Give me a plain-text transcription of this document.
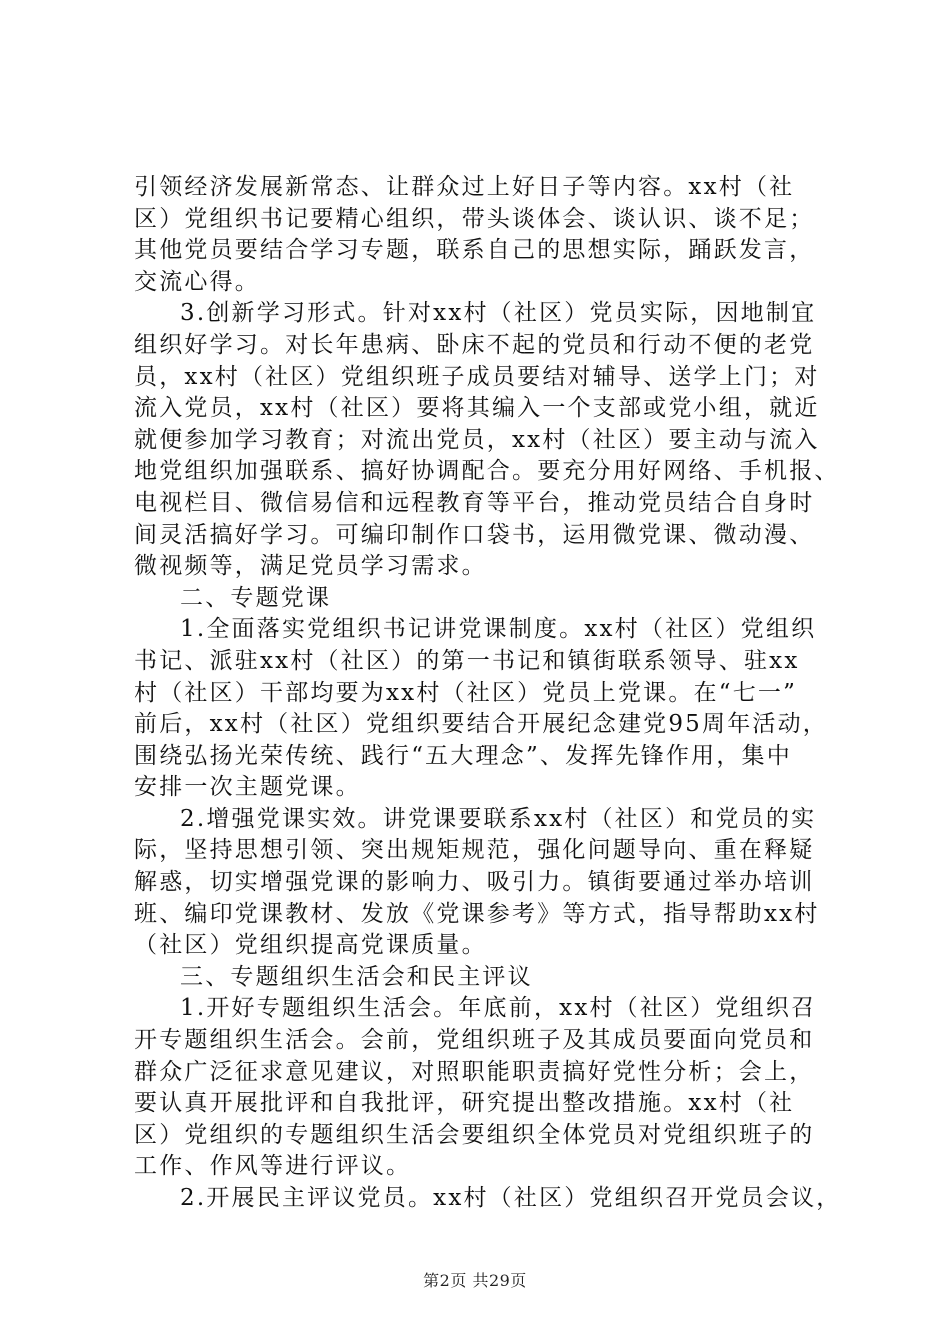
引领经济发展新常态、让群众过上好日子等内容。xx村（社
区）党组织书记要精心组织，带头谈体会、谈认识、谈不足；
其他党员要结合学习专题，联系自己的思想实际，踊跃发言，
交流心得。
3.创新学习形式。针对xx村（社区）党员实际，因地制宜
组织好学习。对长年患病、卧床不起的党员和行动不便的老党
员，xx村（社区）党组织班子成员要结对辅导、送学上门；对
流入党员，xx村（社区）要将其编入一个支部或党小组，就近
就便参加学习教育；对流出党员，xx村（社区）要主动与流入
地党组织加强联系、搞好协调配合。要充分用好网络、手机报、
电视栏目、微信易信和远程教育等平台，推动党员结合自身时
间灵活搞好学习。可编印制作口袋书，运用微党课、微动漫、
微视频等，满足党员学习需求。
二、专题党课
1.全面落实党组织书记讲党课制度。xx村（社区）党组织
书记、派驻xx村（社区）的第一书记和镇街联系领导、驻xx
村（社区）干部均要为xx村（社区）党员上党课。在“七一”
前后，xx村（社区）党组织要结合开展纪念建党95周年活动，
围绕弘扬光荣传统、践行“五大理念”、发挥先锋作用，集中
安排一次主题党课。
2.增强党课实效。讲党课要联系xx村（社区）和党员的实
际，坚持思想引领、突出规矩规范，强化问题导向、重在释疑
解惑，切实增强党课的影响力、吸引力。镇街要通过举办培训
班、编印党课教材、发放《党课参考》等方式，指导帮助xx村
（社区）党组织提高党课质量。
三、专题组织生活会和民主评议
1.开好专题组织生活会。年底前，xx村（社区）党组织召
开专题组织生活会。会前，党组织班子及其成员要面向党员和
群众广泛征求意见建议，对照职能职责搞好党性分析；会上，
要认真开展批评和自我批评，研究提出整改措施。xx村（社
区）党组织的专题组织生活会要组织全体党员对党组织班子的
工作、作风等进行评议。
2.开展民主评议党员。xx村（社区）党组织召开党员会议，
第2页 共29页
